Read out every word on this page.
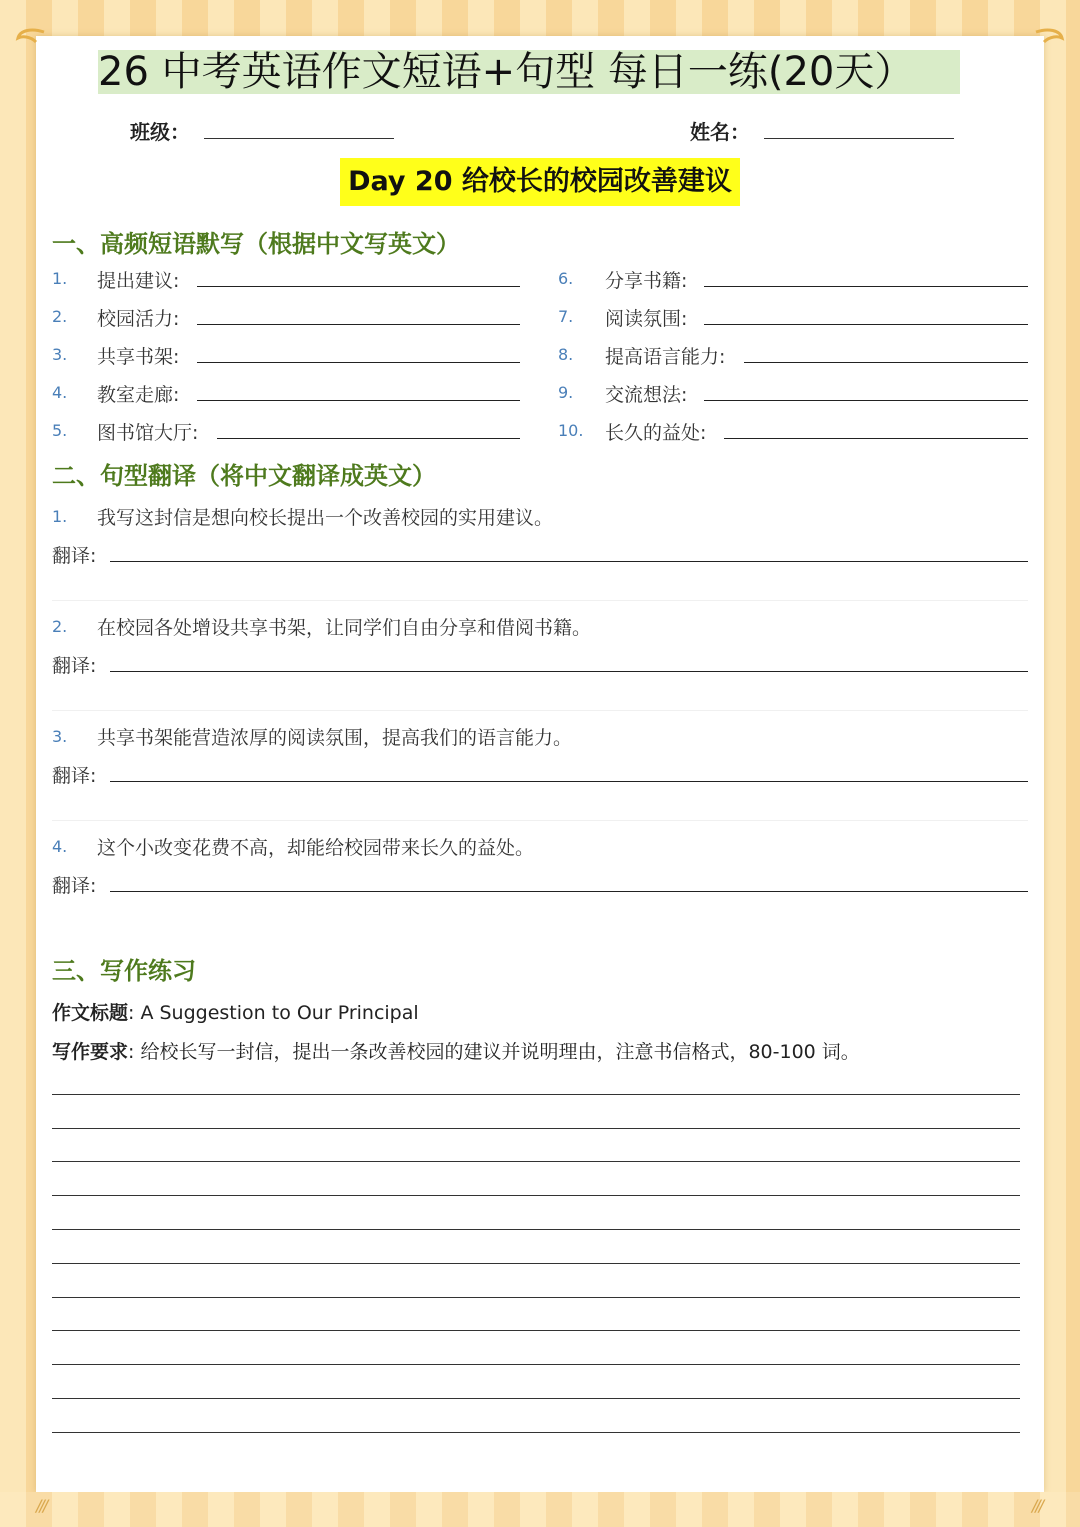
///	///
26 中考英语作文短语+句型 每日一练(20天）
班级：	姓名：
Day 20 给校长的校园改善建议
一、高频短语默写（根据中文写英文）
1. 提出建议:
2. 校园活力:
3. 共享书架:
4. 教室走廊:
5. 图书馆大厅:
6. 分享书籍:
7. 阅读氛围:
8. 提高语言能力:
9. 交流想法:
10. 长久的益处:
二、句型翻译（将中文翻译成英文）
1. 我写这封信是想向校长提出一个改善校园的实用建议。
翻译:
2. 在校园各处增设共享书架，让同学们自由分享和借阅书籍。
翻译:
3. 共享书架能营造浓厚的阅读氛围，提高我们的语言能力。
翻译:
4. 这个小改变花费不高，却能给校园带来长久的益处。
翻译:
三、写作练习
作文标题: A Suggestion to Our Principal
写作要求: 给校长写一封信，提出一条改善校园的建议并说明理由，注意书信格式，80-100 词。
